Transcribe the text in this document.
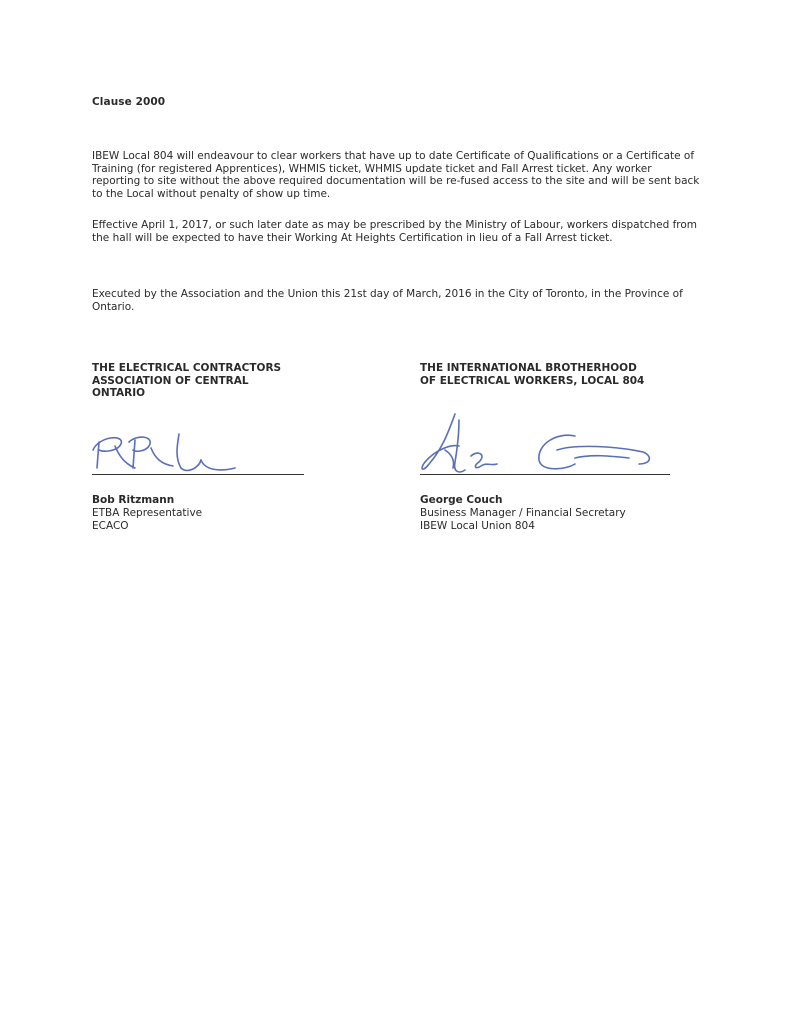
Clause 2000
IBEW Local 804 will endeavour to clear workers that have up to date Certificate of Qualifications or a Certificate of
Training (for registered Apprentices), WHMIS ticket, WHMIS update ticket and Fall Arrest ticket. Any worker
reporting to site without the above required documentation will be re-fused access to the site and will be sent back
to the Local without penalty of show up time.
Effective April 1, 2017, or such later date as may be prescribed by the Ministry of Labour, workers dispatched from
the hall will be expected to have their Working At Heights Certification in lieu of a Fall Arrest ticket.
Executed by the Association and the Union this 21st day of March, 2016 in the City of Toronto, in the Province of
Ontario.
THE ELECTRICAL CONTRACTORS
ASSOCIATION OF CENTRAL
ONTARIO
THE INTERNATIONAL BROTHERHOOD
OF ELECTRICAL WORKERS, LOCAL 804
Bob Ritzmann
ETBA Representative
ECACO
George Couch
Business Manager / Financial Secretary
IBEW Local Union 804
